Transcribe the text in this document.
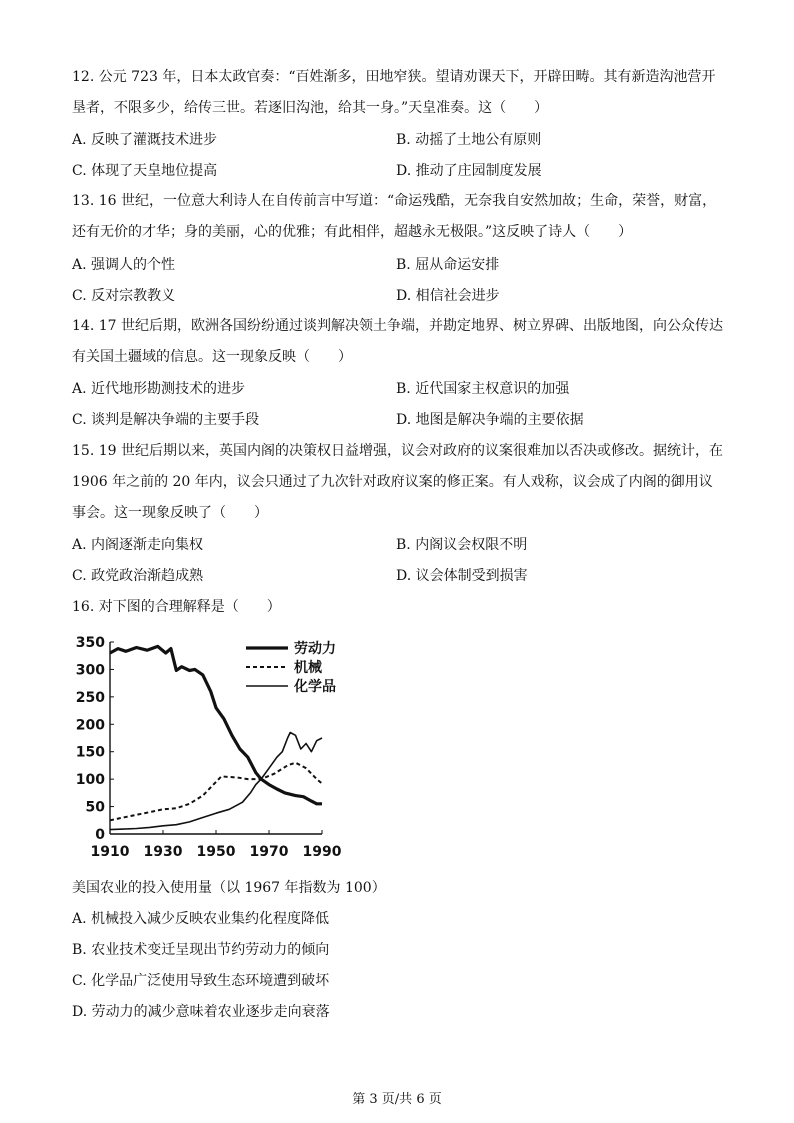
12. 公元 723 年，日本太政官奏：“百姓渐多，田地窄狭。望请劝课天下，开辟田畴。其有新造沟池营开垦者，不限多少，给传三世。若逐旧沟池，给其一身。”天皇准奏。这（　　）
A. 反映了灌溉技术进步	B. 动摇了土地公有原则
C. 体现了天皇地位提高	D. 推动了庄园制度发展
13. 16 世纪，一位意大利诗人在自传前言中写道：“命运残酷，无奈我自安然加故；生命，荣誉，财富，还有无价的才华；身的美丽，心的优雅；有此相伴，超越永无极限。”这反映了诗人（　　）
A. 强调人的个性	B. 屈从命运安排
C. 反对宗教教义	D. 相信社会进步
14. 17 世纪后期，欧洲各国纷纷通过谈判解决领土争端，并勘定地界、树立界碑、出版地图，向公众传达有关国土疆域的信息。这一现象反映（　　）
A. 近代地形勘测技术的进步	B. 近代国家主权意识的加强
C. 谈判是解决争端的主要手段	D. 地图是解决争端的主要依据
15. 19 世纪后期以来，英国内阁的决策权日益增强，议会对政府的议案很难加以否决或修改。据统计，在 1906 年之前的 20 年内，议会只通过了九次针对政府议案的修正案。有人戏称，议会成了内阁的御用议事会。这一现象反映了（　　）
A. 内阁逐渐走向集权	B. 内阁议会权限不明
C. 政党政治渐趋成熟	D. 议会体制受到损害
16. 对下图的合理解释是（　　）
0
50
100
150
200
250
300
350
1910 1930 1950 1970 1990
劳动力
机械
化学品
美国农业的投入使用量（以 1967 年指数为 100）
A. 机械投入减少反映农业集约化程度降低
B. 农业技术变迁呈现出节约劳动力的倾向
C. 化学品广泛使用导致生态环境遭到破坏
D. 劳动力的减少意味着农业逐步走向衰落
第 3 页/共 6 页
